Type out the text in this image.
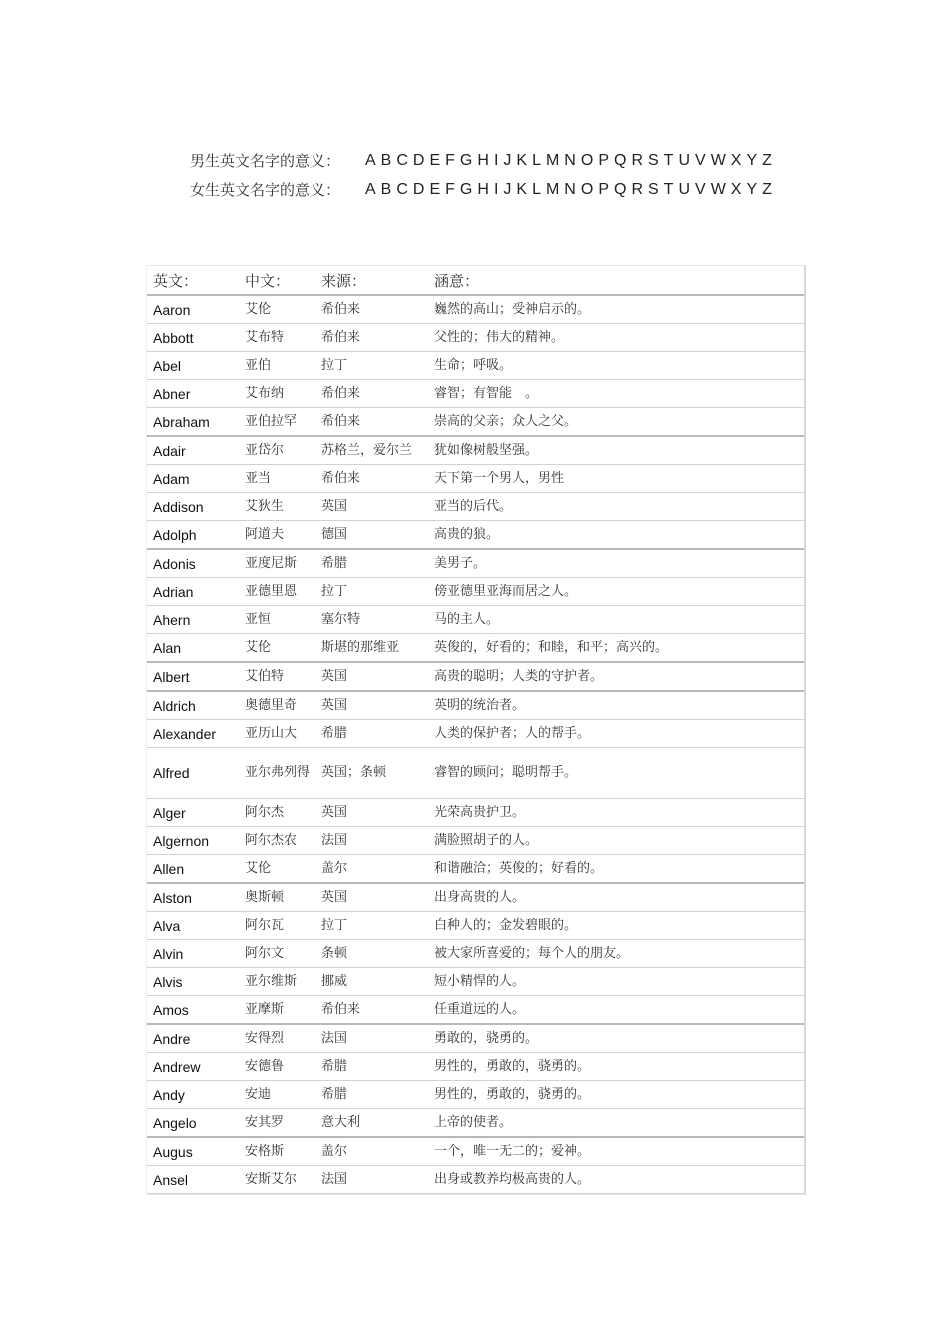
男生英文名字的意义：	A B C D E F G H I J K L M N O P Q R S T U V W X Y Z
女生英文名字的意义：	A B C D E F G H I J K L M N O P Q R S T U V W X Y Z
英文：	中文：	来源：	涵意：
Aaron	艾伦	希伯来	巍然的高山；受神启示的。
Abbott	艾布特	希伯来	父性的；伟大的精神。
Abel	亚伯	拉丁	生命；呼吸。
Abner	艾布纳	希伯来	睿智；有智能　。
Abraham	亚伯拉罕	希伯来	崇高的父亲；众人之父。
Adair	亚岱尔	苏格兰，爱尔兰	犹如像树般坚强。
Adam	亚当	希伯来	天下第一个男人，男性
Addison	艾狄生	英国	亚当的后代。
Adolph	阿道夫	德国	高贵的狼。
Adonis	亚度尼斯	希腊	美男子。
Adrian	亚德里恩	拉丁	傍亚德里亚海而居之人。
Ahern	亚恒	塞尔特	马的主人。
Alan	艾伦	斯堪的那维亚	英俊的，好看的；和睦，和平；高兴的。
Albert	艾伯特	英国	高贵的聪明；人类的守护者。
Aldrich	奥德里奇	英国	英明的统治者。
Alexander	亚历山大	希腊	人类的保护者；人的帮手。
Alfred	亚尔弗列得	英国；条顿	睿智的顾问；聪明帮手。
Alger	阿尔杰	英国	光荣高贵护卫。
Algernon	阿尔杰农	法国	满脸照胡子的人。
Allen	艾伦	盖尔	和谐融洽；英俊的；好看的。
Alston	奥斯顿	英国	出身高贵的人。
Alva	阿尔瓦	拉丁	白种人的；金发碧眼的。
Alvin	阿尔文	条顿	被大家所喜爱的；每个人的朋友。
Alvis	亚尔维斯	挪威	短小精悍的人。
Amos	亚摩斯	希伯来	任重道远的人。
Andre	安得烈	法国	勇敢的，骁勇的。
Andrew	安德鲁	希腊	男性的，勇敢的，骁勇的。
Andy	安迪	希腊	男性的，勇敢的，骁勇的。
Angelo	安其罗	意大利	上帝的使者。
Augus	安格斯	盖尔	一个，唯一无二的；爱神。
Ansel	安斯艾尔	法国	出身或教养均极高贵的人。
